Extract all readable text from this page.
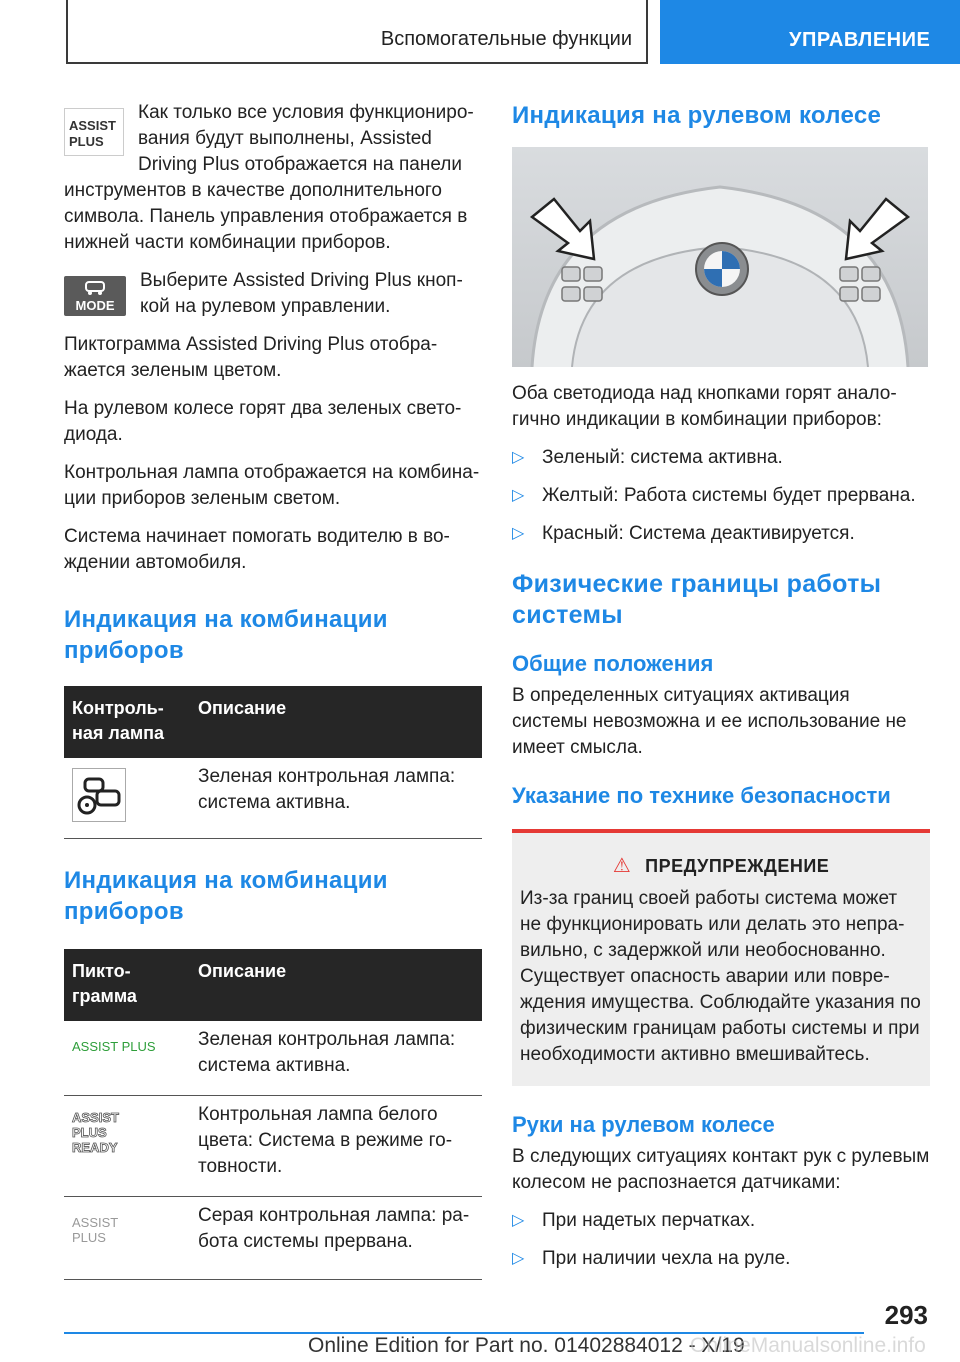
Вспомогательные функции	УПРАВЛЕНИЕ
ASSIST
PLUS

Как только все условия функциониро-вания будут выполнены, Assisted Driving Plus отображается на панели инструментов в качестве дополнительного символа. Панель управления отображается в нижней части комбинации приборов.

MODE

Выберите Assisted Driving Plus кноп-кой на рулевом управлении.

Пиктограмма Assisted Driving Plus отобра-жается зеленым цветом.

На рулевом колесе горят два зеленых свето-диода.

Контрольная лампа отображается на комбина-ции приборов зеленым светом.

Система начинает помогать водителю в во-ждении автомобиля.

Индикация на комбинации приборов
Контроль-ная лампа	Описание

	Зеленая контрольная лампа: система активна.
Индикация на комбинации приборов
Пикто-грамма	Описание

ASSIST PLUS	Зеленая контрольная лампа: система активна.

ASSIST PLUS READY	Контрольная лампа белого цвета: Система в режиме го-товности.

ASSIST PLUS	Серая контрольная лампа: ра-бота системы прервана.
Индикация на рулевом колесе

Оба светодиода над кнопками горят анало-гично индикации в комбинации приборов:

▷ Зеленый: система активна.
▷ Желтый: Работа системы будет прервана.
▷ Красный: Система деактивируется.
Физические границы работы системы
Общие положения

В определенных ситуациях активация системы невозможна и ее использование не имеет смысла.

Указание по технике безопасности
⚠ ПРЕДУПРЕЖДЕНИЕ

Из-за границ своей работы система может не функционировать или делать это непра-вильно, с задержкой или необоснованно. Существует опасность аварии или повре-ждения имущества. Соблюдайте указания по физическим границам работы системы и при необходимости активно вмешивайтесь.

Руки на рулевом колесе

В следующих ситуациях контакт рук с рулевым колесом не распознается датчиками:

▷ При надетых перчатках.
▷ При наличии чехла на руле.
293
Online Edition for Part no. 01402884012 - X/19
OnlineManualsonline.info
